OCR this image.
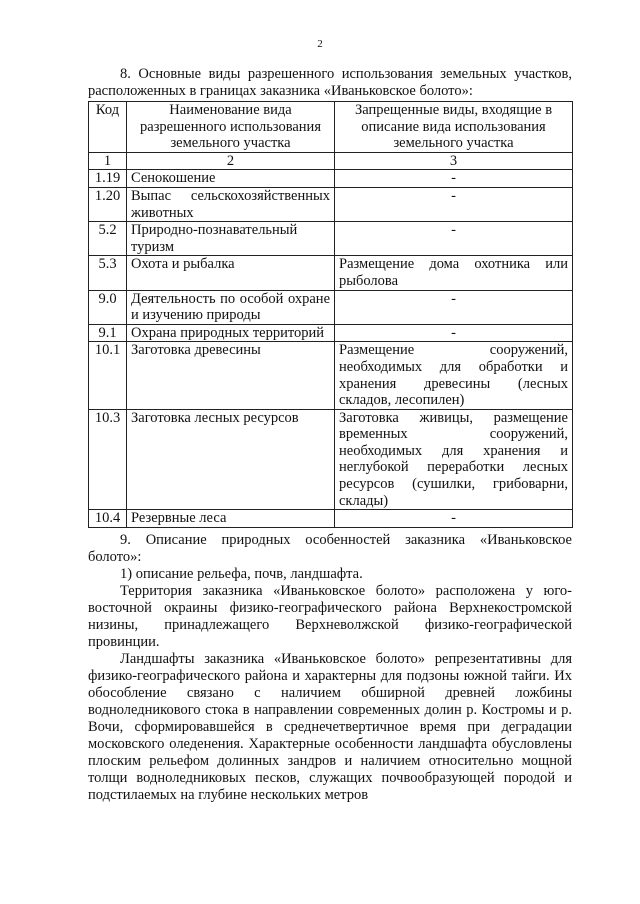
2

8. Основные виды разрешенного использования земельных участков, расположенных в границах заказника «Иваньковское болото»:

Код	Наименование вида разрешенного использования земельного участка	Запрещенные виды, входящие в описание вида использования земельного участка
1	2	3
1.19	Сенокошение	-
1.20	Выпас сельскохозяйственных животных	-
5.2	Природно-познавательный туризм	-
5.3	Охота и рыбалка	Размещение дома охотника или рыболова
9.0	Деятельность по особой охране и изучению природы	-
9.1	Охрана природных территорий	-
10.1	Заготовка древесины	Размещение сооружений, необходимых для обработки и хранения древесины (лесных складов, лесопилен)
10.3	Заготовка лесных ресурсов	Заготовка живицы, размещение временных сооружений, необходимых для хранения и неглубокой переработки лесных ресурсов (сушилки, грибоварни, склады)
10.4	Резервные леса	-

9. Описание природных особенностей заказника «Иваньковское болото»:

1) описание рельефа, почв, ландшафта.

Территория заказника «Иваньковское болото» расположена у юго-восточной окраины физико-географического района Верхнекостромской низины, принадлежащего Верхневолжской физико-географической провинции.

Ландшафты заказника «Иваньковское болото» репрезентативны для физико-географического района и характерны для подзоны южной тайги. Их обособление связано с наличием обширной древней ложбины водноледникового стока в направлении современных долин р. Костромы и р. Вочи, сформировавшейся в среднечетвертичное время при деградации московского оледенения. Характерные особенности ландшафта обусловлены плоским рельефом долинных зандров и наличием относительно мощной толщи водноледниковых песков, служащих почвообразующей породой и подстилаемых на глубине нескольких метров
